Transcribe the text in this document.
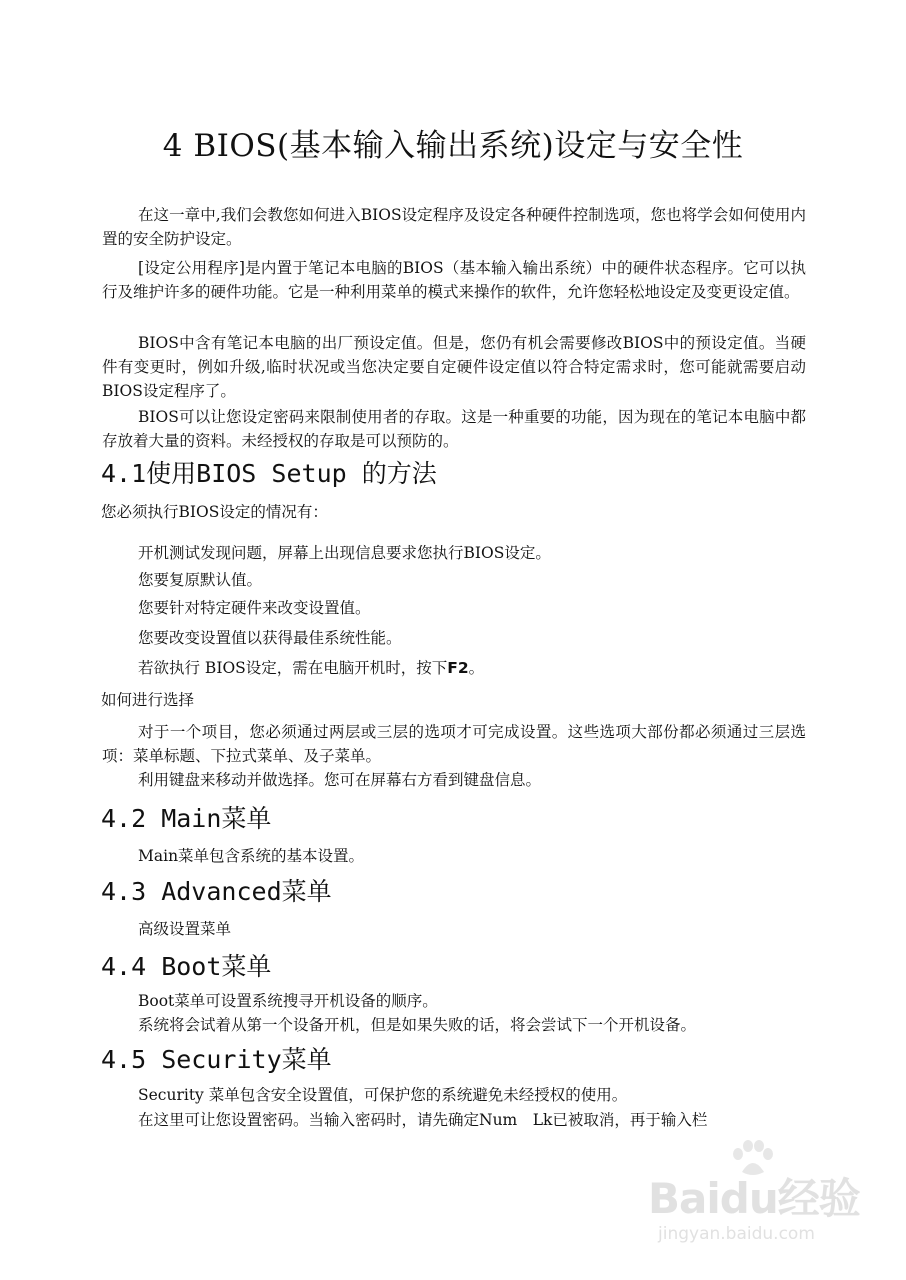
4 BIOS(基本输入输出系统)设定与安全性
在这一章中,我们会教您如何进入BIOS设定程序及设定各种硬件控制选项，您也将学会如何使用内置的安全防护设定。
[设定公用程序]是内置于笔记本电脑的BIOS（基本输入输出系统）中的硬件状态程序。它可以执行及维护许多的硬件功能。它是一种利用菜单的模式来操作的软件，允许您轻松地设定及变更设定值。
BIOS中含有笔记本电脑的出厂预设定值。但是，您仍有机会需要修改BIOS中的预设定值。当硬件有变更时，例如升级,临时状况或当您决定要自定硬件设定值以符合特定需求时，您可能就需要启动BIOS设定程序了。
BIOS可以让您设定密码来限制使用者的存取。这是一种重要的功能，因为现在的笔记本电脑中都存放着大量的资料。未经授权的存取是可以预防的。
4.1使用BIOS Setup 的方法
您必须执行BIOS设定的情况有：
开机测试发现问题，屏幕上出现信息要求您执行BIOS设定。
您要复原默认值。
您要针对特定硬件来改变设置值。
您要改变设置值以获得最佳系统性能。
若欲执行 BIOS设定，需在电脑开机时，按下F2。
如何进行选择
对于一个项目，您必须通过两层或三层的选项才可完成设置。这些选项大部份都必须通过三层选项：菜单标题、下拉式菜单、及子菜单。
利用键盘来移动并做选择。您可在屏幕右方看到键盘信息。
4.2 Main菜单
Main菜单包含系统的基本设置。
4.3 Advanced菜单
高级设置菜单
4.4 Boot菜单
Boot菜单可设置系统搜寻开机设备的顺序。
系统将会试着从第一个设备开机，但是如果失败的话，将会尝试下一个开机设备。
4.5 Security菜单
Security 菜单包含安全设置值，可保护您的系统避免未经授权的使用。
在这里可让您设置密码。当输入密码时，请先确定Num　Lk已被取消，再于输入栏
Baidu经验
jingyan.baidu.com
